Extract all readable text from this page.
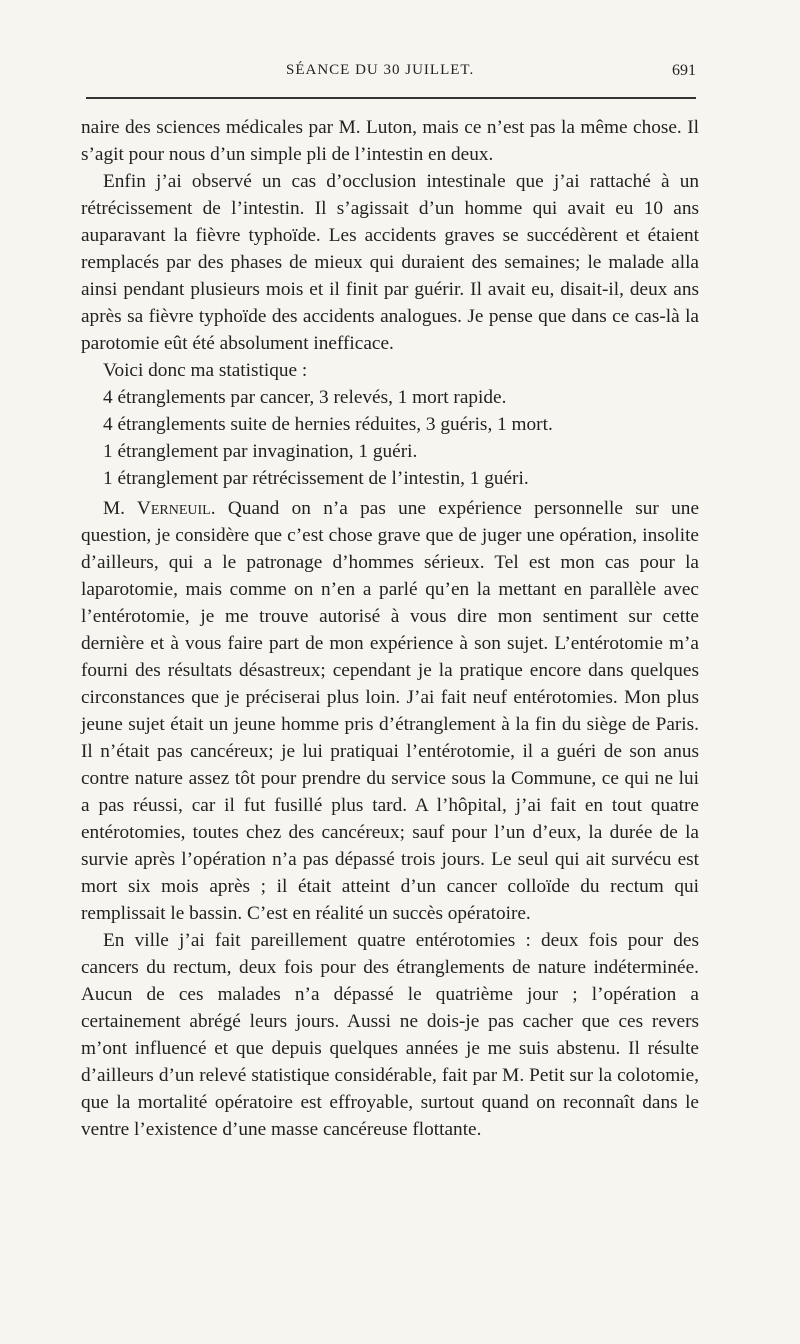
SÉANCE DU 30 JUILLET.	691

naire des sciences médicales par M. Luton, mais ce n’est pas la même chose. Il s’agit pour nous d’un simple pli de l’intestin en deux.

Enfin j’ai observé un cas d’occlusion intestinale que j’ai rattaché à un rétrécissement de l’intestin. Il s’agissait d’un homme qui avait eu 10 ans auparavant la fièvre typhoïde. Les accidents graves se succédèrent et étaient remplacés par des phases de mieux qui duraient des semaines; le malade alla ainsi pendant plusieurs mois et il finit par guérir. Il avait eu, disait-il, deux ans après sa fièvre typhoïde des accidents analogues. Je pense que dans ce cas-là la parotomie eût été absolument inefficace.

Voici donc ma statistique :

4 étranglements par cancer, 3 relevés, 1 mort rapide.

4 étranglements suite de hernies réduites, 3 guéris, 1 mort.

1 étranglement par invagination, 1 guéri.

1 étranglement par rétrécissement de l’intestin, 1 guéri.

M. Verneuil. Quand on n’a pas une expérience personnelle sur une question, je considère que c’est chose grave que de juger une opération, insolite d’ailleurs, qui a le patronage d’hommes sérieux. Tel est mon cas pour la laparotomie, mais comme on n’en a parlé qu’en la mettant en parallèle avec l’entérotomie, je me trouve autorisé à vous dire mon sentiment sur cette dernière et à vous faire part de mon expérience à son sujet. L’entérotomie m’a fourni des résultats désastreux; cependant je la pratique encore dans quelques circonstances que je préciserai plus loin. J’ai fait neuf entérotomies. Mon plus jeune sujet était un jeune homme pris d’étranglement à la fin du siège de Paris. Il n’était pas cancéreux; je lui pratiquai l’entérotomie, il a guéri de son anus contre nature assez tôt pour prendre du service sous la Commune, ce qui ne lui a pas réussi, car il fut fusillé plus tard. A l’hôpital, j’ai fait en tout quatre entérotomies, toutes chez des cancéreux; sauf pour l’un d’eux, la durée de la survie après l’opération n’a pas dépassé trois jours. Le seul qui ait survécu est mort six mois après ; il était atteint d’un cancer colloïde du rectum qui remplissait le bassin. C’est en réalité un succès opératoire.

En ville j’ai fait pareillement quatre entérotomies : deux fois pour des cancers du rectum, deux fois pour des étranglements de nature indéterminée. Aucun de ces malades n’a dépassé le quatrième jour ; l’opération a certainement abrégé leurs jours. Aussi ne dois-je pas cacher que ces revers m’ont influencé et que depuis quelques années je me suis abstenu. Il résulte d’ailleurs d’un relevé statistique considérable, fait par M. Petit sur la colotomie, que la mortalité opératoire est effroyable, surtout quand on reconnaît dans le ventre l’existence d’une masse cancéreuse flottante.
